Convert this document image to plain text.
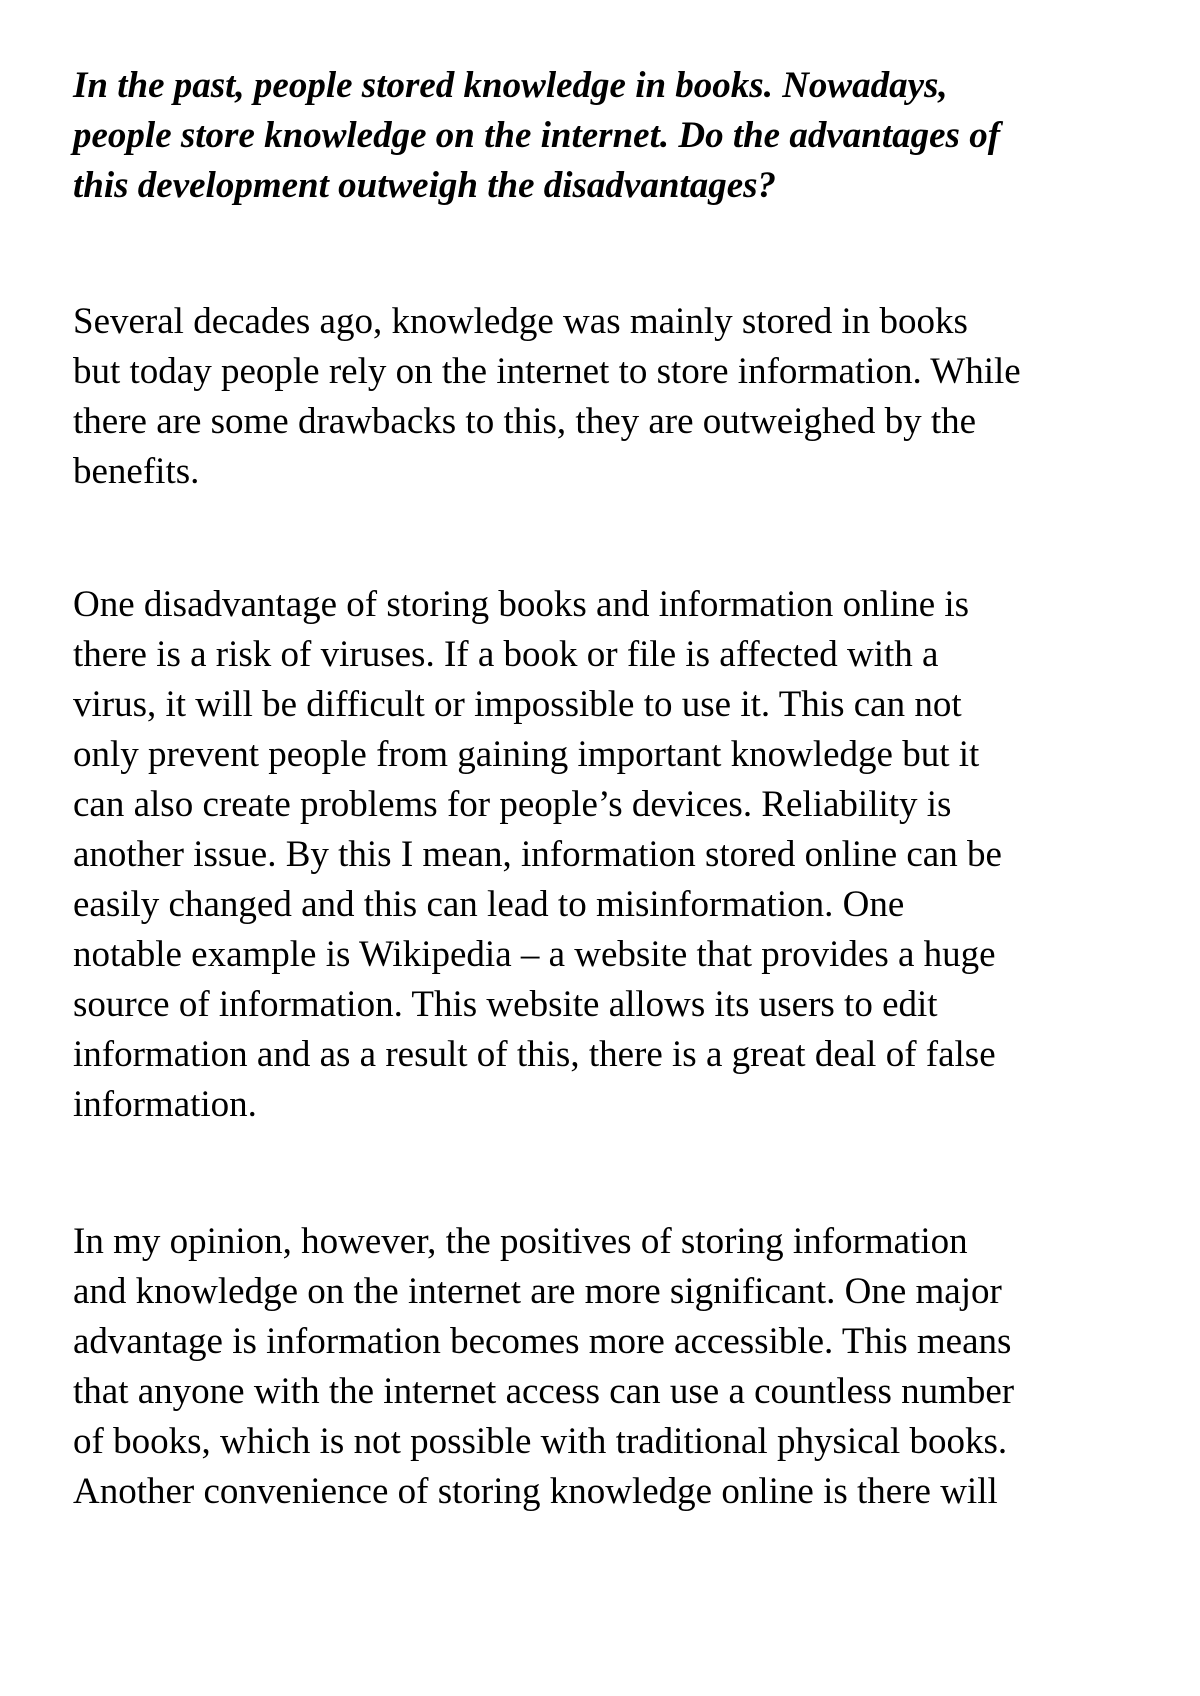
In the past, people stored knowledge in books. Nowadays,
people store knowledge on the internet. Do the advantages of
this development outweigh the disadvantages?
Several decades ago, knowledge was mainly stored in books
but today people rely on the internet to store information. While
there are some drawbacks to this, they are outweighed by the
benefits.
One disadvantage of storing books and information online is
there is a risk of viruses. If a book or file is affected with a
virus, it will be difficult or impossible to use it. This can not
only prevent people from gaining important knowledge but it
can also create problems for people’s devices. Reliability is
another issue. By this I mean, information stored online can be
easily changed and this can lead to misinformation. One
notable example is Wikipedia – a website that provides a huge
source of information. This website allows its users to edit
information and as a result of this, there is a great deal of false
information.
In my opinion, however, the positives of storing information
and knowledge on the internet are more significant. One major
advantage is information becomes more accessible. This means
that anyone with the internet access can use a countless number
of books, which is not possible with traditional physical books.
Another convenience of storing knowledge online is there will
